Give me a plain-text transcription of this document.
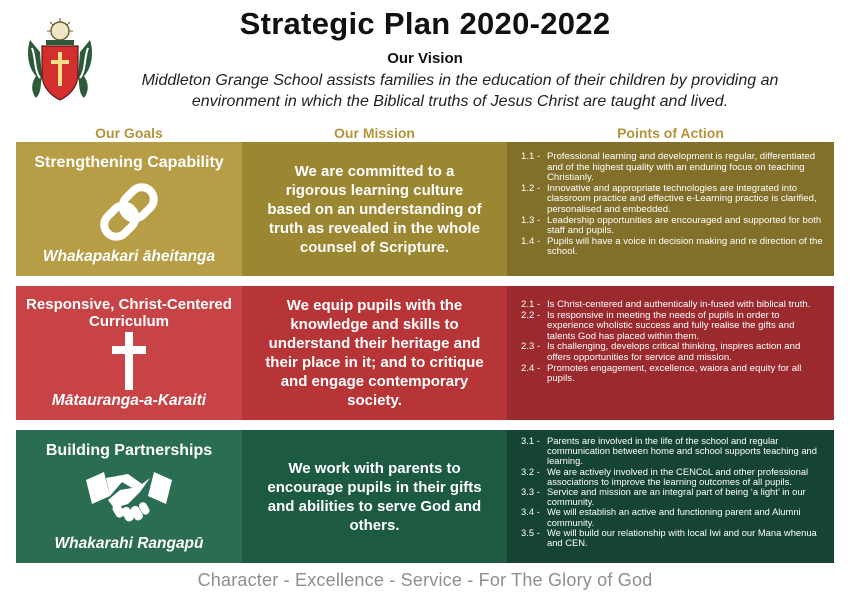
Strategic Plan 2020-2022
Our Vision
Middleton Grange School assists families in the education of their children by providing an environment in which the Biblical truths of Jesus Christ are taught and lived.
Our Goals	Our Mission	Points of Action
Strengthening Capability
Whakapakari āheitanga
We are committed to a rigorous learning culture based on an understanding of truth as revealed in the whole counsel of Scripture.
1.1 - Professional learning and development is regular, differentiated and of the highest quality with an enduring focus on teaching Christianly.
1.2 - Innovative and appropriate technologies are integrated into classroom practice and effective e-Learning practice is clarified, personalised and embedded.
1.3 - Leadership opportunities are encouraged and supported for both staff and pupils.
1.4 - Pupils will have a voice in decision making and re direction of the school.
Responsive, Christ-Centered Curriculum
Mātauranga-a-Karaiti
We equip pupils with the knowledge and skills to understand their heritage and their place in it; and to critique and engage contemporary society.
2.1 - Is Christ-centered and authentically in-fused with biblical truth.
2.2 - Is responsive in meeting the needs of pupils in order to experience wholistic success and fully realise the gifts and talents God has placed within them.
2.3 - Is challenging, develops critical thinking, inspires action and offers opportunities for service and mission.
2.4 - Promotes engagement, excellence, waiora and equity for all pupils.
Building Partnerships
Whakarahi Rangapū
We work with parents to encourage pupils in their gifts and abilities to serve God and others.
3.1 - Parents are involved in the life of the school and regular communication between home and school supports teaching and learning.
3.2 - We are actively involved in the CENCoL and other professional associations to improve the learning outcomes of all pupils.
3.3 - Service and mission are an integral part of being ‘a light’ in our community.
3.4 - We will establish an active and functioning parent and Alumni community.
3.5 - We will build our relationship with local Iwi and our Mana whenua and CEN.
Character - Excellence - Service - For The Glory of God
